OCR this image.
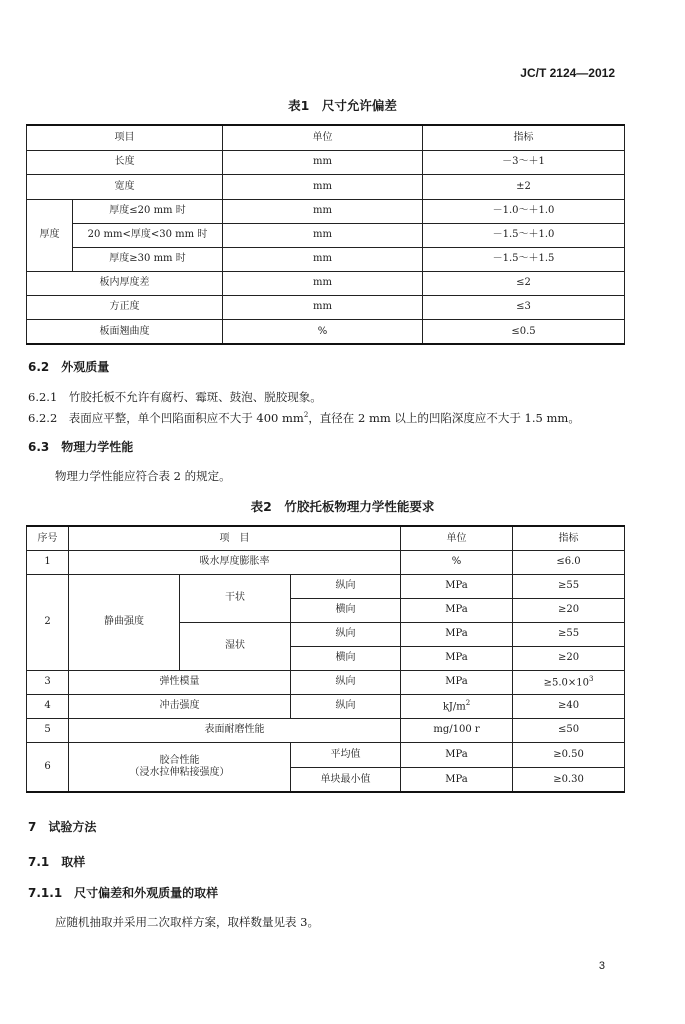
JC/T 2124—2012
表1　尺寸允许偏差
项目		单位	指标
长度		mm	－3～＋1
宽度		mm	±2
厚度	厚度≤20 mm 时	mm	－1.0～＋1.0
	20 mm<厚度<30 mm 时	mm	－1.5～＋1.0
	厚度≥30 mm 时	mm	－1.5～＋1.5
板内厚度差		mm	≤2
方正度		mm	≤3
板面翘曲度		%	≤0.5
6.2　外观质量
6.2.1　竹胶托板不允许有腐朽、霉斑、鼓泡、脱胶现象。
6.2.2　表面应平整，单个凹陷面积应不大于 400 $mm^2$，直径在 2 mm 以上的凹陷深度应不大于 1.5 mm。
6.3　物理力学性能
物理力学性能应符合表 2 的规定。
表2　竹胶托板物理力学性能要求
序号	项　目			单位	指标
1	吸水厚度膨胀率			%	≤6.0
2	静曲强度	干状	纵向	MPa	≥55
			横向	MPa	≥20
		湿状	纵向	MPa	≥55
			横向	MPa	≥20
3	弹性模量		纵向	MPa	$\ge 5.0\times 10^3$
4	冲击强度		纵向	$kJ/m^2$	≥40
5	表面耐磨性能			mg/100 r	≤50
6	胶合性能
（浸水拉伸粘接强度）		平均值	MPa	≥0.50
			单块最小值	MPa	≥0.30
7　试验方法
7.1　取样
7.1.1　尺寸偏差和外观质量的取样
应随机抽取并采用二次取样方案，取样数量见表 3。
3
